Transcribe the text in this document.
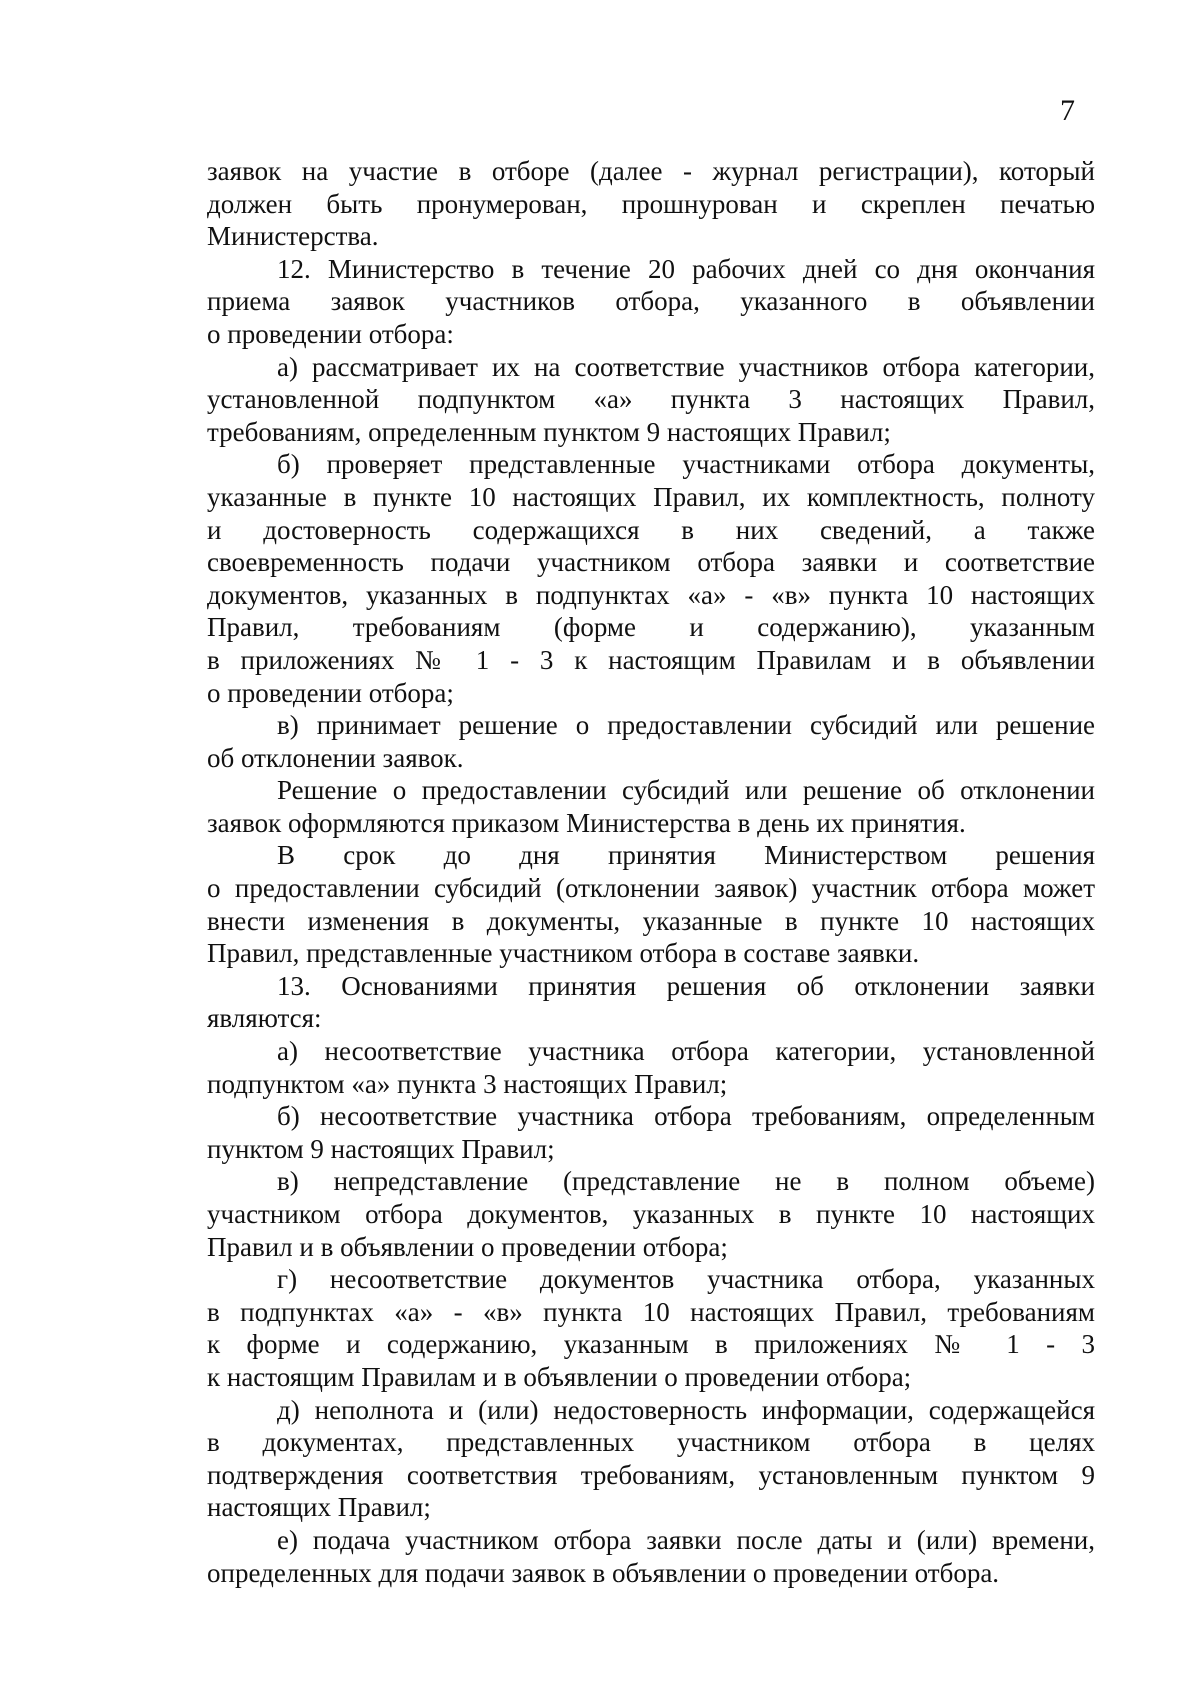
7
заявок на участие в отборе (далее - журнал регистрации), который
должен быть пронумерован, прошнурован и скреплен печатью
Министерства.
12. Министерство в течение 20 рабочих дней со дня окончания
приема заявок участников отбора, указанного в объявлении
о проведении отбора:
а) рассматривает их на соответствие участников отбора категории,
установленной подпунктом «а» пункта 3 настоящих Правил,
требованиям, определенным пунктом 9 настоящих Правил;
б) проверяет представленные участниками отбора документы,
указанные в пункте 10 настоящих Правил, их комплектность, полноту
и достоверность содержащихся в них сведений, а также
своевременность подачи участником отбора заявки и соответствие
документов, указанных в подпунктах «а» - «в» пункта 10 настоящих
Правил, требованиям (форме и содержанию), указанным
в приложениях № 1 - 3 к настоящим Правилам и в объявлении
о проведении отбора;
в) принимает решение о предоставлении субсидий или решение
об отклонении заявок.
Решение о предоставлении субсидий или решение об отклонении
заявок оформляются приказом Министерства в день их принятия.
В срок до дня принятия Министерством решения
о предоставлении субсидий (отклонении заявок) участник отбора может
внести изменения в документы, указанные в пункте 10 настоящих
Правил, представленные участником отбора в составе заявки.
13. Основаниями принятия решения об отклонении заявки
являются:
а) несоответствие участника отбора категории, установленной
подпунктом «а» пункта 3 настоящих Правил;
б) несоответствие участника отбора требованиям, определенным
пунктом 9 настоящих Правил;
в) непредставление (представление не в полном объеме)
участником отбора документов, указанных в пункте 10 настоящих
Правил и в объявлении о проведении отбора;
г) несоответствие документов участника отбора, указанных
в подпунктах «а» - «в» пункта 10 настоящих Правил, требованиям
к форме и содержанию, указанным в приложениях № 1 - 3
к настоящим Правилам и в объявлении о проведении отбора;
д) неполнота и (или) недостоверность информации, содержащейся
в документах, представленных участником отбора в целях
подтверждения соответствия требованиям, установленным пунктом 9
настоящих Правил;
е) подача участником отбора заявки после даты и (или) времени,
определенных для подачи заявок в объявлении о проведении отбора.
